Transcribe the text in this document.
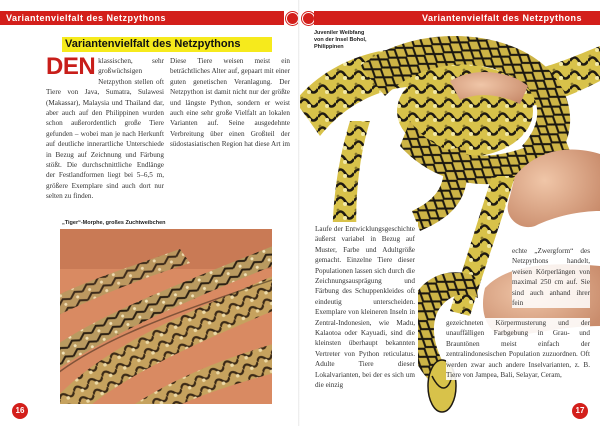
Variantenvielfalt des Netzpythons
Variantenvielfalt des Netzpythons
DEN klassischen, sehr großwüchsigen Netzpython stellen oft Tiere von Java, Sumatra, Sulawesi (Makassar), Malaysia und Thailand dar, aber auch auf den Philippinen wurden schon außerordentlich große Tiere gefunden – wobei man je nach Herkunft auf deutliche innerartliche Unterschiede in Bezug auf Zeichnung und Färbung stößt. Die durchschnittliche Endlänge der Festlandformen liegt bei 5–6,5 m, größere Exemplare sind auch dort nur selten zu finden.
Diese Tiere weisen meist ein beträchtliches Alter auf, gepaart mit einer guten genetischen Veranlagung. Der Netzpython ist damit nicht nur der größte und längste Python, sondern er weist auch eine sehr große Vielfalt an lokalen Varianten auf. Seine ausgedehnte Verbreitung über einen Großteil der südostasiatischen Region hat diese Art im
„Tiger“-Morphe, großes Zuchtweibchen
16
Variantenvielfalt des Netzpythons
Juveniler Weibfang von der Insel Bohol, Philippinen
Laufe der Entwicklungsgeschichte äußerst variabel in Bezug auf Muster, Farbe und Adultgröße gemacht. Einzelne Tiere dieser Populationen lassen sich durch die Zeichnungsausprägung und Färbung des Schuppenkleides oft eindeutig unterscheiden. Exemplare von kleineren Inseln in Zentral-Indonesien, wie Madu, Kalaotoa oder Kayuadi, sind die kleinsten überhaupt bekannten Vertreter von Python reticulatus. Adulte Tiere dieser Lokalvarianten, bei der es sich um die einzig
echte „Zwergform“ des Netzpythons handelt, weisen Körperlängen von maximal 250 cm auf. Sie sind auch anhand ihrer fein
gezeichneten Körpermusterung und der unauffälligen Farbgebung in Grau- und Brauntönen meist einfach der zentralindonesischen Population zuzuordnen. Oft werden zwar auch andere Inselvarianten, z. B. Tiere von Jampea, Bali, Selayar, Ceram,
17
